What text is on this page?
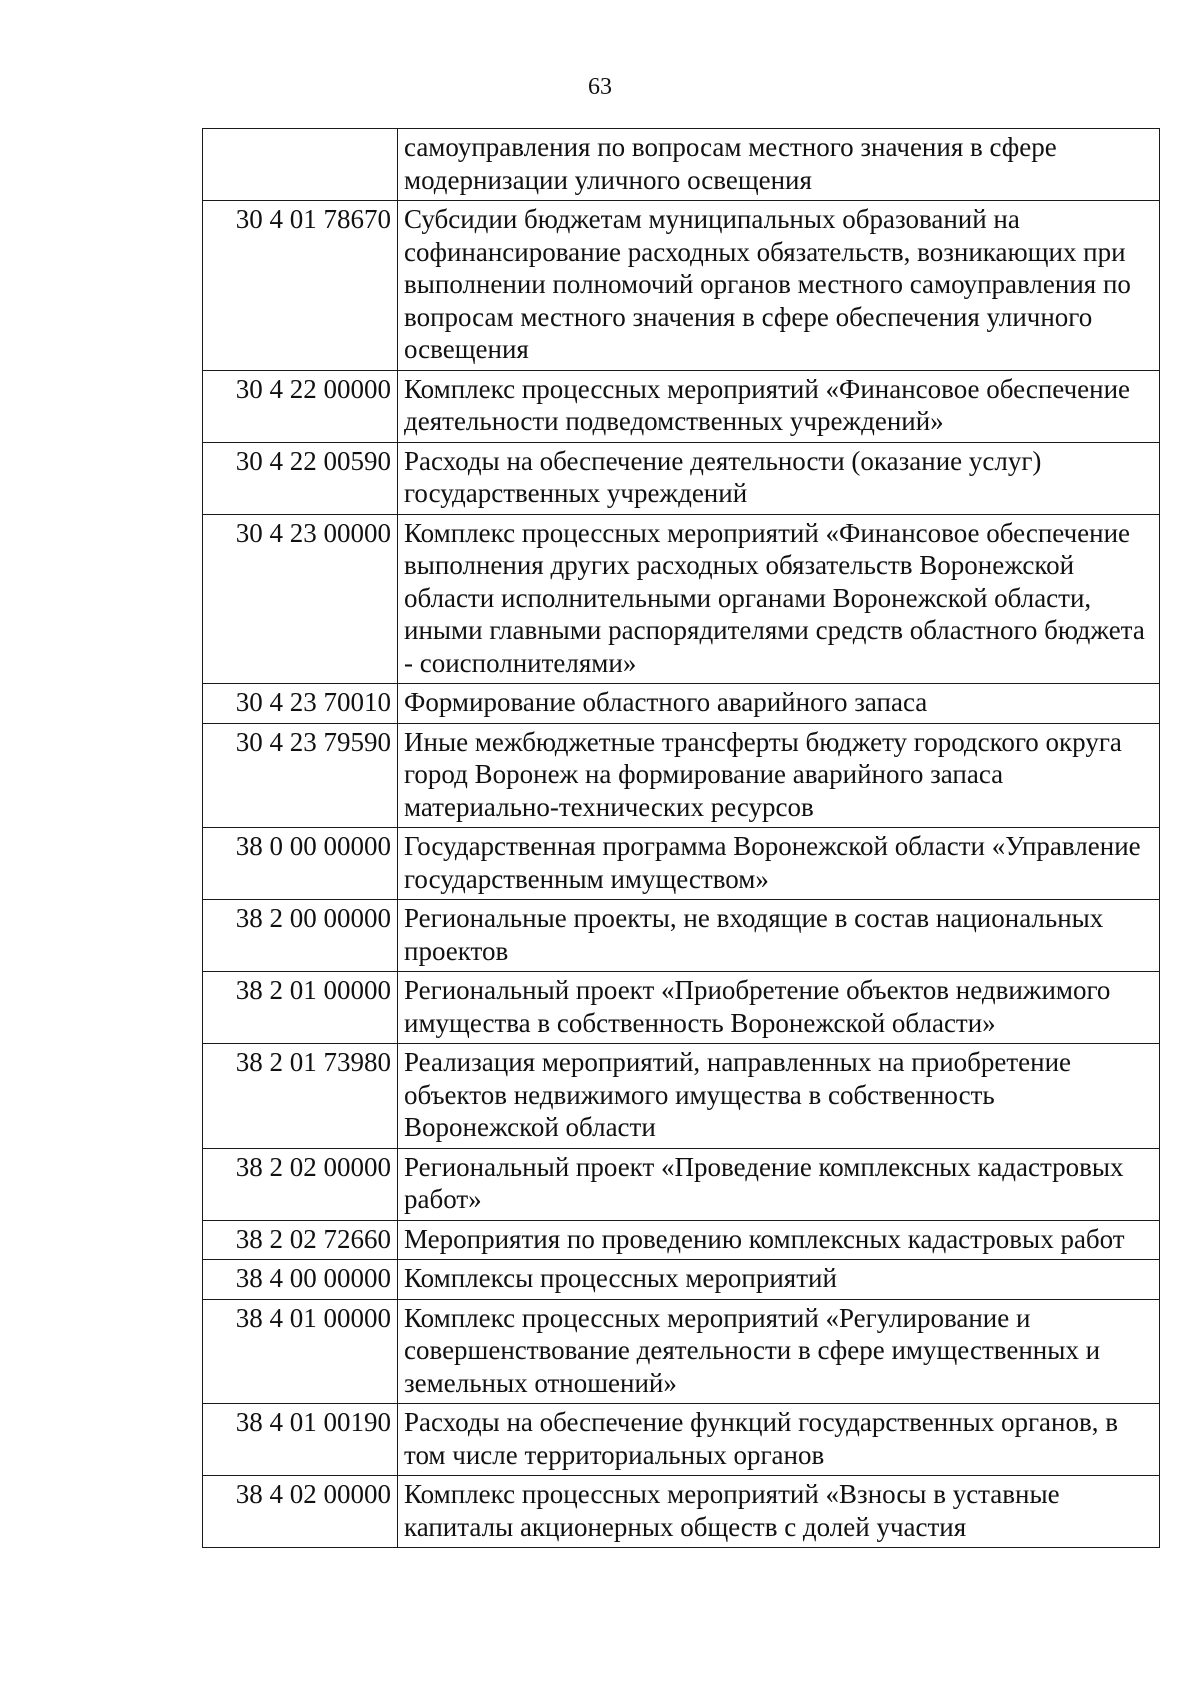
63
	самоуправления по вопросам местного значения в сфере модернизации уличного освещения
30 4 01 78670	Субсидии бюджетам муниципальных образований на софинансирование расходных обязательств, возникающих при выполнении полномочий органов местного самоуправления по вопросам местного значения в сфере обеспечения уличного освещения
30 4 22 00000	Комплекс процессных мероприятий «Финансовое обеспечение деятельности подведомственных учреждений»
30 4 22 00590	Расходы на обеспечение деятельности (оказание услуг) государственных учреждений
30 4 23 00000	Комплекс процессных мероприятий «Финансовое обеспечение выполнения других расходных обязательств Воронежской области исполнительными органами Воронежской области, иными главными распорядителями средств областного бюджета - соисполнителями»
30 4 23 70010	Формирование областного аварийного запаса
30 4 23 79590	Иные межбюджетные трансферты бюджету городского округа город Воронеж на формирование аварийного запаса материально-технических ресурсов
38 0 00 00000	Государственная программа Воронежской области «Управление государственным имуществом»
38 2 00 00000	Региональные проекты, не входящие в состав национальных проектов
38 2 01 00000	Региональный проект «Приобретение объектов недвижимого имущества в собственность Воронежской области»
38 2 01 73980	Реализация мероприятий, направленных на приобретение объектов недвижимого имущества в собственность Воронежской области
38 2 02 00000	Региональный проект «Проведение комплексных кадастровых работ»
38 2 02 72660	Мероприятия по проведению комплексных кадастровых работ
38 4 00 00000	Комплексы процессных мероприятий
38 4 01 00000	Комплекс процессных мероприятий «Регулирование и совершенствование деятельности в сфере имущественных и земельных отношений»
38 4 01 00190	Расходы на обеспечение функций государственных органов, в том числе территориальных органов
38 4 02 00000	Комплекс процессных мероприятий «Взносы в уставные капиталы акционерных обществ с долей участия
